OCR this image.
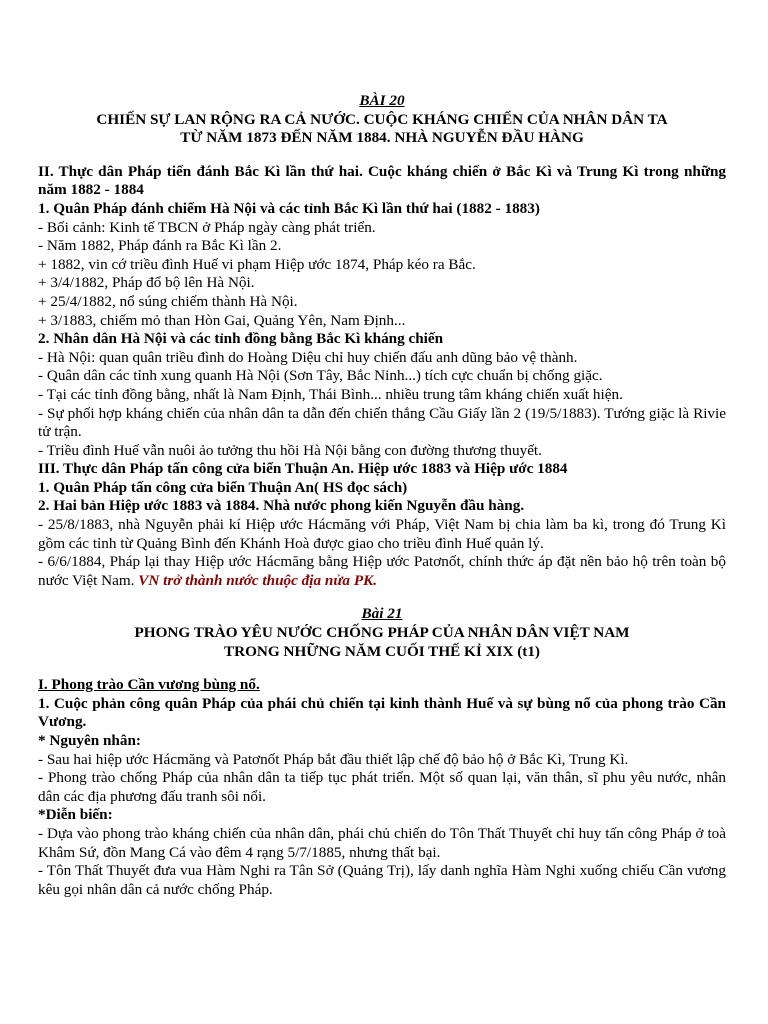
BÀI 20

CHIẾN SỰ LAN RỘNG RA CẢ NƯỚC. CUỘC KHÁNG CHIẾN CỦA NHÂN DÂN TA

TỪ NĂM 1873 ĐẾN NĂM 1884. NHÀ NGUYỄN ĐẦU HÀNG

II. Thực dân Pháp tiến đánh Bắc Kì lần thứ hai. Cuộc kháng chiến ở Bắc Kì và Trung Kì trong những năm 1882 - 1884

1. Quân Pháp đánh chiếm Hà Nội và các tỉnh Bắc Kì lần thứ hai (1882 - 1883)

- Bối cảnh: Kinh tế TBCN ở Pháp ngày càng phát triển.

- Năm 1882, Pháp đánh ra Bắc Kì lần 2.

+ 1882, vin cớ triều đình Huế vi phạm Hiệp ước 1874, Pháp kéo ra Bắc.

+ 3/4/1882, Pháp đổ bộ lên Hà Nội.

+ 25/4/1882, nổ súng chiếm thành Hà Nội.

+ 3/1883, chiếm mỏ than Hòn Gai, Quảng Yên, Nam Định...

2. Nhân dân Hà Nội và các tỉnh đồng bằng Bắc Kì kháng chiến

- Hà Nội: quan quân triều đình do Hoàng Diệu chỉ huy chiến đấu anh dũng bảo vệ thành.

- Quân dân các tỉnh xung quanh Hà Nội (Sơn Tây, Bắc Ninh...) tích cực chuẩn bị chống giặc.

- Tại các tỉnh đồng bằng, nhất là Nam Định, Thái Bình... nhiều trung tâm kháng chiến xuất hiện.

- Sự phối hợp kháng chiến của nhân dân ta dẫn đến chiến thắng Cầu Giấy lần 2 (19/5/1883). Tướng giặc là Rivie tử trận.

- Triều đình Huế vẫn nuôi ảo tưởng thu hồi Hà Nội bằng con đường thương thuyết.

III. Thực dân Pháp tấn công cửa biển Thuận An. Hiệp ước 1883 và Hiệp ước 1884

1. Quân Pháp tấn công cửa biển Thuận An( HS đọc sách)

2. Hai bản Hiệp ước 1883 và 1884. Nhà nước phong kiến Nguyễn đầu hàng.

- 25/8/1883, nhà Nguyễn phải kí Hiệp ước Hácmăng với Pháp, Việt Nam bị chia làm ba kì, trong đó Trung Kì gồm các tỉnh từ Quảng Bình đến Khánh Hoà được giao cho triều đình Huế quản lý.

- 6/6/1884, Pháp lại thay Hiệp ước Hácmăng bằng Hiệp ước Patơnốt, chính thức áp đặt nền bảo hộ trên toàn bộ nước Việt Nam. VN trở thành nước thuộc địa nửa PK.

Bài 21

PHONG TRÀO YÊU NƯỚC CHỐNG PHÁP CỦA NHÂN DÂN VIỆT NAM

TRONG NHỮNG NĂM CUỐI THẾ KỈ XIX (t1)

I. Phong trào Cần vương bùng nổ.

1. Cuộc phản công quân Pháp của phái chủ chiến tại kinh thành Huế và sự bùng nổ của phong trào Cần Vương.

* Nguyên nhân:

- Sau hai hiệp ước Hácmăng và Patơnốt Pháp bắt đầu thiết lập chế độ bảo hộ ở Bắc Kì, Trung Kì.

- Phong trào chống Pháp của nhân dân ta tiếp tục phát triển. Một số quan lại, văn thân, sĩ phu yêu nước, nhân dân các địa phương đấu tranh sôi nổi.

*Diễn biến:

- Dựa vào phong trào kháng chiến của nhân dân, phái chủ chiến do Tôn Thất Thuyết chỉ huy tấn công Pháp ở toà Khâm Sứ, đồn Mang Cá vào đêm 4 rạng 5/7/1885, nhưng thất bại.

- Tôn Thất Thuyết đưa vua Hàm Nghi ra Tân Sở (Quảng Trị), lấy danh nghĩa Hàm Nghi xuống chiếu Cần vương kêu gọi nhân dân cả nước chống Pháp.
